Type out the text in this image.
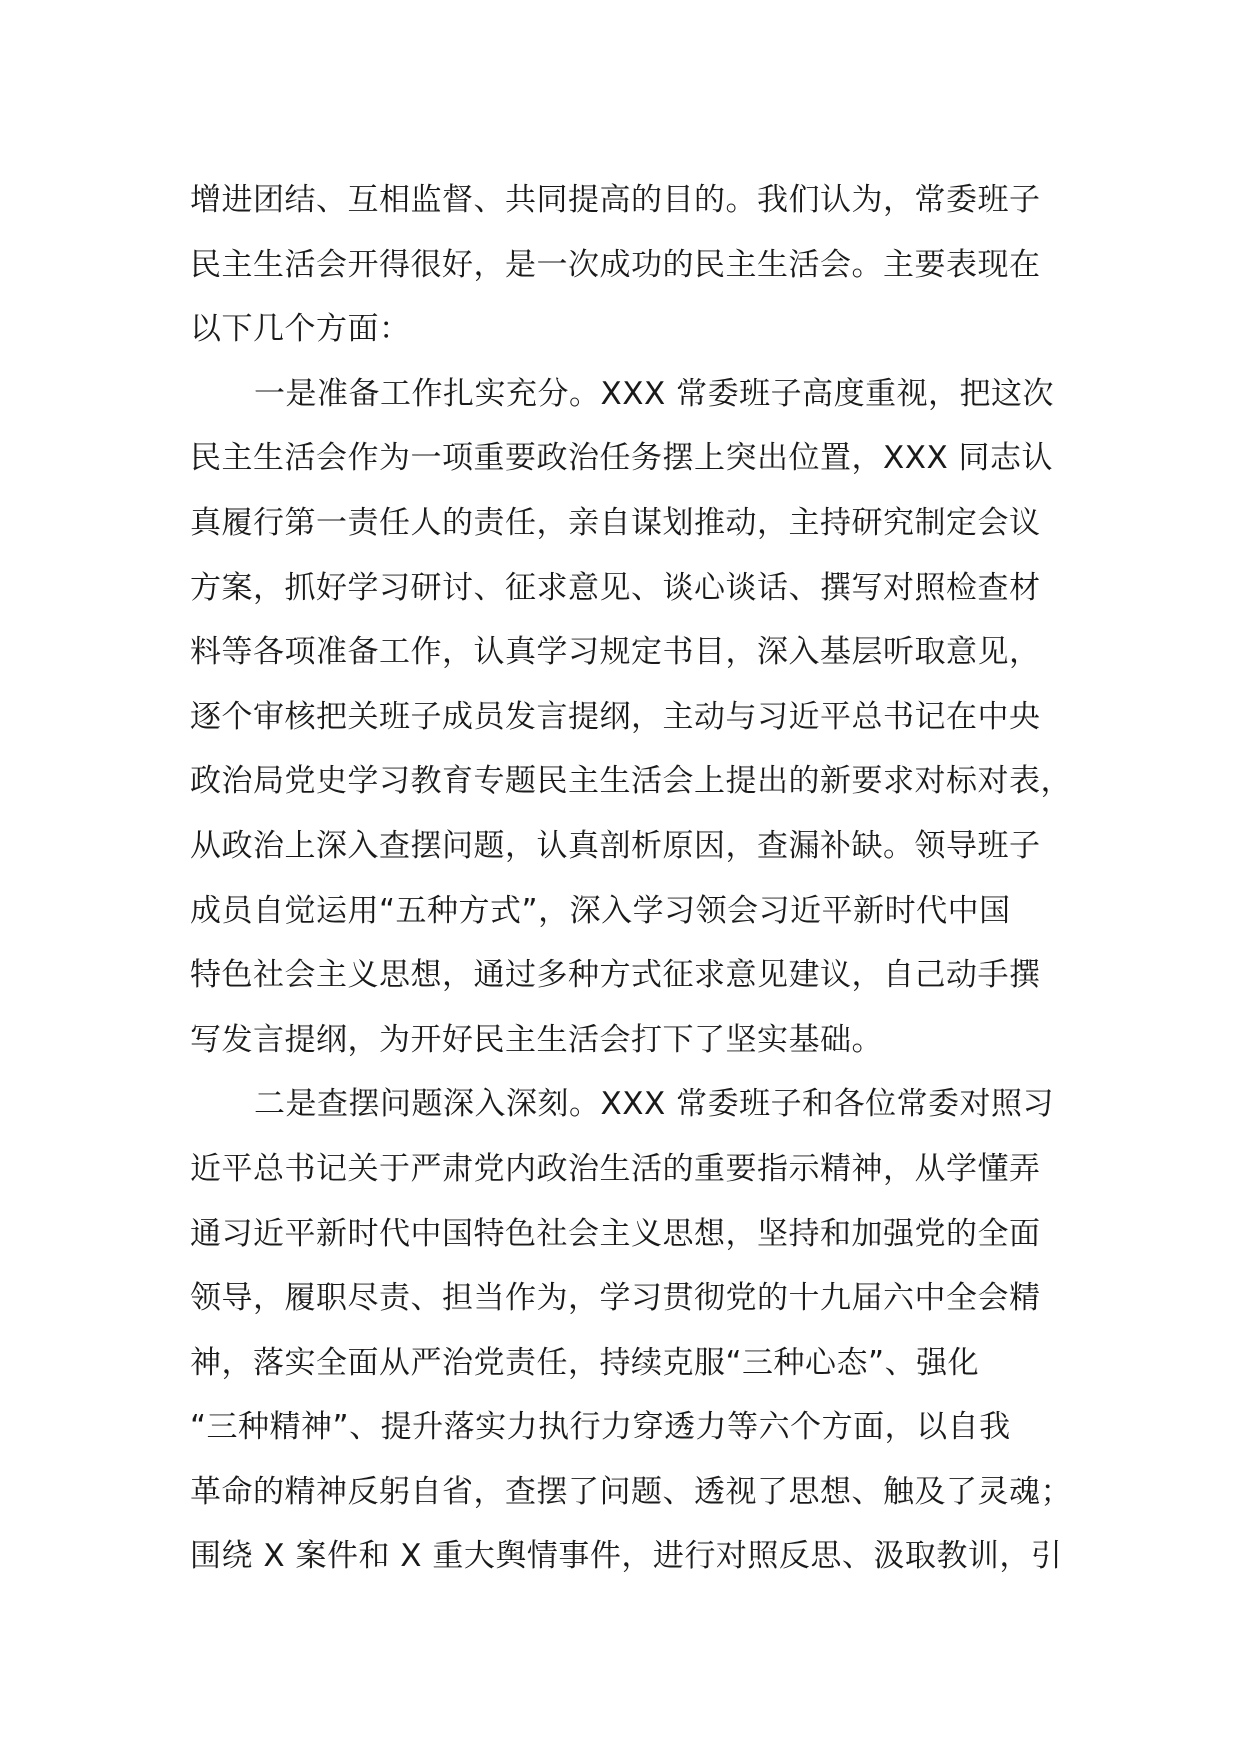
增进团结、互相监督、共同提高的目的。我们认为，常委班子
民主生活会开得很好，是一次成功的民主生活会。主要表现在
以下几个方面：
一是准备工作扎实充分。XXX 常委班子高度重视，把这次
民主生活会作为一项重要政治任务摆上突出位置，XXX 同志认
真履行第一责任人的责任，亲自谋划推动，主持研究制定会议
方案，抓好学习研讨、征求意见、谈心谈话、撰写对照检查材
料等各项准备工作，认真学习规定书目，深入基层听取意见，
逐个审核把关班子成员发言提纲，主动与习近平总书记在中央
政治局党史学习教育专题民主生活会上提出的新要求对标对表，
从政治上深入查摆问题，认真剖析原因，查漏补缺。领导班子
成员自觉运用“五种方式”，深入学习领会习近平新时代中国
特色社会主义思想，通过多种方式征求意见建议，自己动手撰
写发言提纲，为开好民主生活会打下了坚实基础。
二是查摆问题深入深刻。XXX 常委班子和各位常委对照习
近平总书记关于严肃党内政治生活的重要指示精神，从学懂弄
通习近平新时代中国特色社会主义思想，坚持和加强党的全面
领导，履职尽责、担当作为，学习贯彻党的十九届六中全会精
神，落实全面从严治党责任，持续克服“三种心态”、强化
“三种精神”、提升落实力执行力穿透力等六个方面，以自我
革命的精神反躬自省，查摆了问题、透视了思想、触及了灵魂；
围绕 X 案件和 X 重大舆情事件，进行对照反思、汲取教训，引
